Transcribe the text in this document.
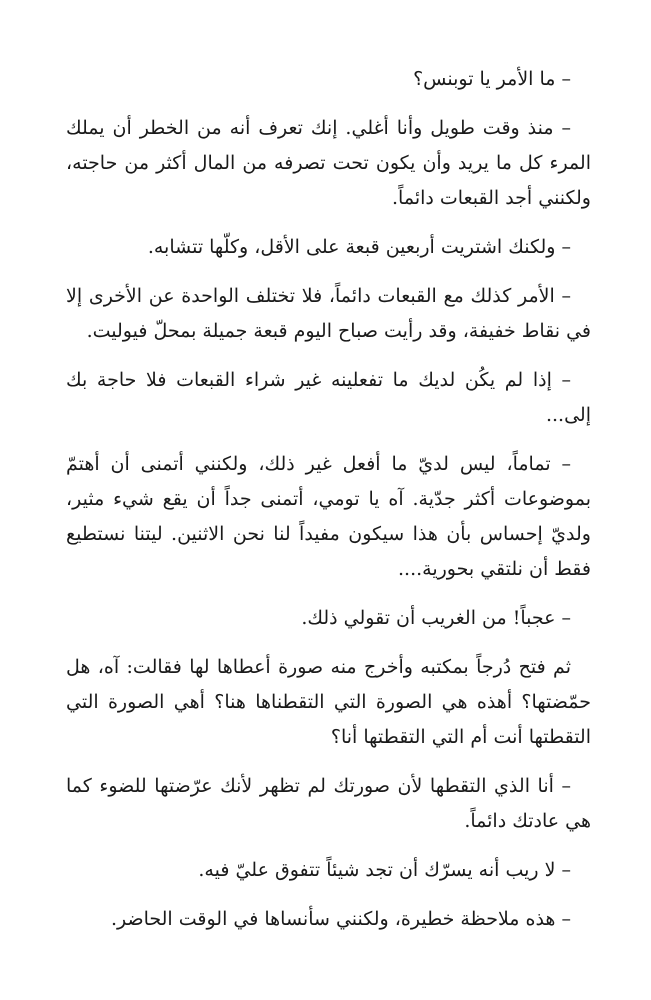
– ما الأمر يا توبنس؟

– منذ وقت طويل وأنا أغلي. إنك تعرف أنه من الخطر أن يملك المرء كل ما يريد وأن يكون تحت تصرفه من المال أكثر من حاجته، ولكنني أجد القبعات دائماً.

– ولكنك اشتريت أربعين قبعة على الأقل، وكلّها تتشابه.

– الأمر كذلك مع القبعات دائماً، فلا تختلف الواحدة عن الأخرى إلا في نقاط خفيفة، وقد رأيت صباح اليوم قبعة جميلة بمحلّ فيوليت.

– إذا لم يكُن لديك ما تفعلينه غير شراء القبعات فلا حاجة بك إلى...

– تماماً، ليس لديّ ما أفعل غير ذلك، ولكنني أتمنى أن أهتمّ بموضوعات أكثر جدّية. آه يا تومي، أتمنى جداً أن يقع شيء مثير، ولديّ إحساس بأن هذا سيكون مفيداً لنا نحن الاثنين. ليتنا نستطيع فقط أن نلتقي بحورية....

– عجباً! من الغريب أن تقولي ذلك.

ثم فتح دُرجاً بمكتبه وأخرج منه صورة أعطاها لها فقالت: آه، هل حمّضتها؟ أهذه هي الصورة التي التقطناها هنا؟ أهي الصورة التي التقطتها أنت أم التي التقطتها أنا؟

– أنا الذي التقطها لأن صورتك لم تظهر لأنك عرّضتها للضوء كما هي عادتك دائماً.

– لا ريب أنه يسرّك أن تجد شيئاً تتفوق عليّ فيه.

– هذه ملاحظة خطيرة، ولكنني سأنساها في الوقت الحاضر.
